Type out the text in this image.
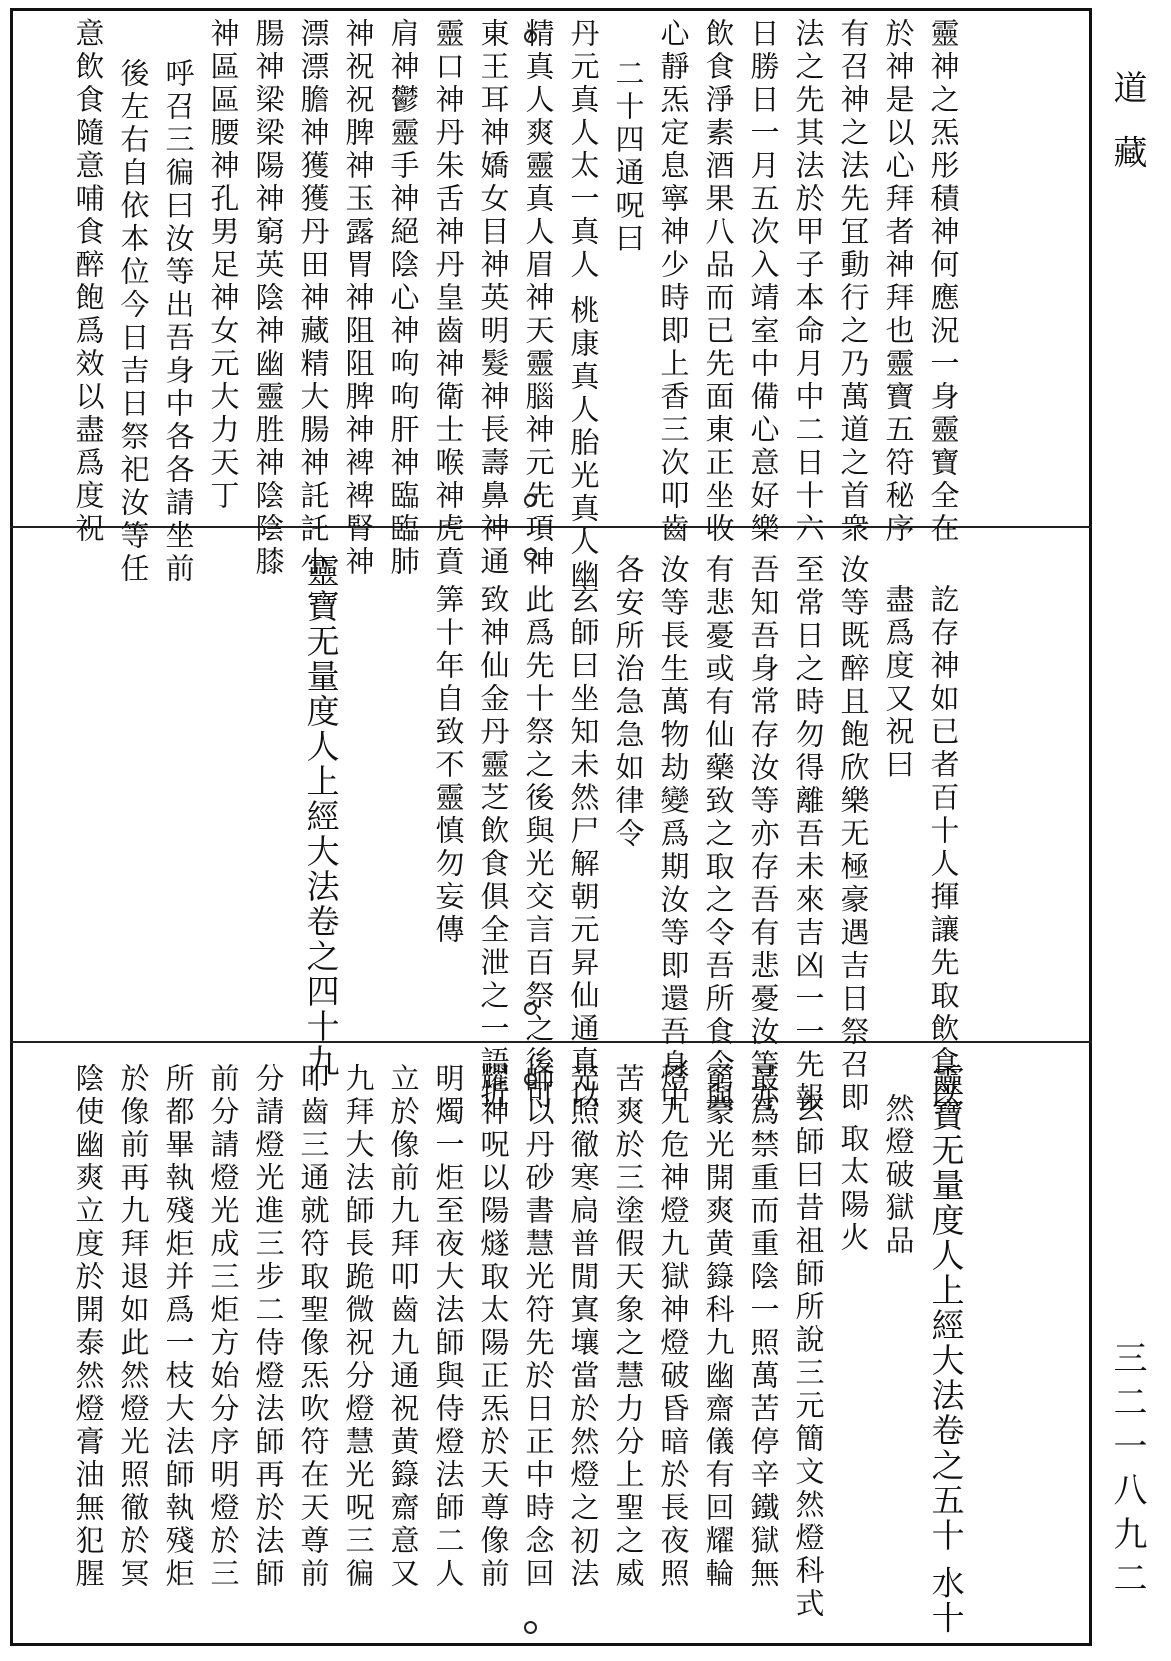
道 藏
三二一八九二
靈神之炁彤積神何應況一身靈寶全在
於神是以心拜者神拜也靈寶五符秘序
有召神之法先冝動行之乃萬道之首衆
法之先其法於甲子本命月中二日十六
日勝日一月五次入靖室中備心意好樂
飲食淨素酒果八品而已先面東正坐收
心靜炁定息寧神少時即上香三次叩齒
二十四通呪曰
丹元真人太一真人 桃康真人胎光真人幽
精真人爽靈真人眉神天靈腦神元先項神
東王耳神嬌女目神英明髮神長壽鼻神通
靈口神丹朱舌神丹皇齒神衛士喉神虎賁
肩神鬱靈手神絕陰心神呴呴肝神臨臨肺
神祝祝脾神玉露胃神阻阻脾神裨裨腎神
漂漂膽神獲獲丹田神藏精大腸神託託小
腸神梁梁陽神窮英陰神幽靈胜神陰陰膝
神區區腰神孔男足神女元大力天丁
呼召三徧曰汝等出吾身中各各請坐前
後左右自依本位今日吉日祭祀汝等任
意飲食隨意哺食醉飽爲效以盡爲度祝
訖存神如已者百十人揮讓先取飲食以
盡爲度又祝曰
汝等既醉且飽欣樂无極豪遇吉日祭召即
至常日之時勿得離吾未來吉凶一一先報
吾知吾身常存汝等亦存吾有悲憂汝等亦
有悲憂或有仙藥致之取之令吾所食令與
汝等長生萬物劫變爲期汝等即還吾身中
各安所治急急如律令
玄師曰坐知未然尸解朝元昇仙通真以
此爲先十祭之後與光交言百祭之後可
致神仙金丹靈芝飲食俱全泄之一語折
筭十年自致不靈慎勿妄傳
靈寶无量度人上經大法卷之四十九
靈寶无量度人上經大法卷之五十 水十
然燈破獄品
取太陽火
玄師曰昔祖師所說三元簡文然燈科式
最爲禁重而重陰一照萬苦停辛鐵獄無
窮蒙光開爽黄籙科九幽齋儀有回耀輪
燈九危神燈九獄神燈破昏暗於長夜照
苦爽於三塗假天象之慧力分上聖之威
光照徹寒扃普閒寘壤當於然燈之初法
師以丹砂書慧光符先於日正中時念回
耀神呪以陽燧取太陽正炁於天尊像前
明燭一炬至夜大法師與侍燈法師二人
立於像前九拜叩齒九通祝黄籙齋意又
九拜大法師長跪微祝分燈慧光呪三徧
叩齒三通就符取聖像炁吹符在天尊前
分請燈光進三步二侍燈法師再於法師
前分請燈光成三炬方始分序明燈於三
所都畢執殘炬并爲一枝大法師執殘炬
於像前再九拜退如此然燈光照徹於冥
陰使幽爽立度於開泰然燈膏油無犯腥
